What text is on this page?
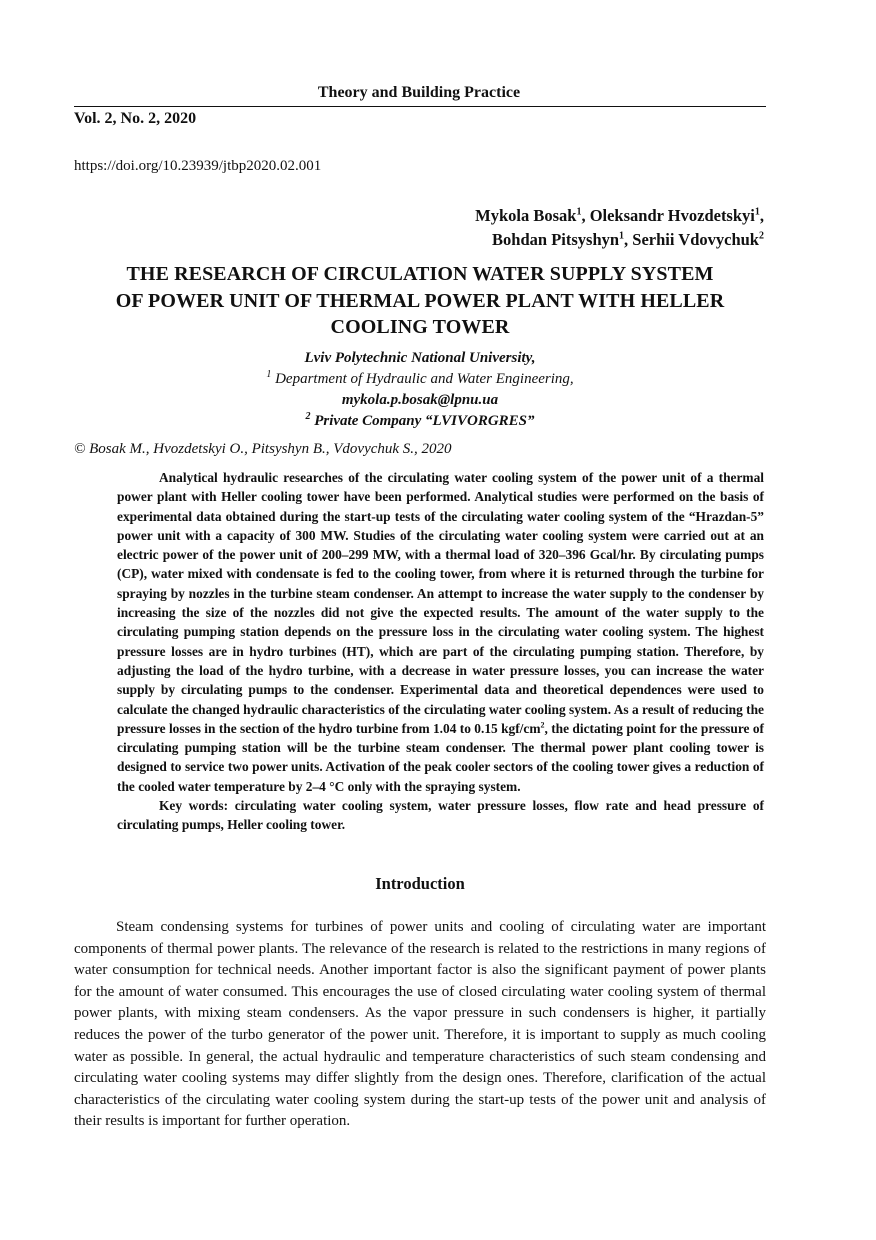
Theory and Building Practice
Vol. 2, No. 2, 2020
https://doi.org/10.23939/jtbp2020.02.001
Mykola Bosak$^1$, Oleksandr Hvozdetskyi$^1$,
Bohdan Pitsyshyn$^1$, Serhii Vdovychuk$^2$
THE RESEARCH OF CIRCULATION WATER SUPPLY SYSTEM
OF POWER UNIT OF THERMAL POWER PLANT WITH HELLER
COOLING TOWER
Lviv Polytechnic National University,
$^1$ Department of Hydraulic and Water Engineering,
mykola.p.bosak@lpnu.ua
$^2$ Private Company “LVIVORGRES”
© Bosak M., Hvozdetskyi O., Pitsyshyn B., Vdovychuk S., 2020

Analytical hydraulic researches of the circulating water cooling system of the power unit of a thermal power plant with Heller cooling tower have been performed. Analytical studies were performed on the basis of experimental data obtained during the start-up tests of the circulating water cooling system of the “Hrazdan-5” power unit with a capacity of 300 MW. Studies of the circulating water cooling system were carried out at an electric power of the power unit of 200–299 MW, with a thermal load of 320–396 Gcal/hr. By circulating pumps (CP), water mixed with condensate is fed to the cooling tower, from where it is returned through the turbine for spraying by nozzles in the turbine steam condenser. An attempt to increase the water supply to the condenser by increasing the size of the nozzles did not give the expected results. The amount of the water supply to the circulating pumping station depends on the pressure loss in the circulating water cooling system. The highest pressure losses are in hydro turbines (HT), which are part of the circulating pumping station. Therefore, by adjusting the load of the hydro turbine, with a decrease in water pressure losses, you can increase the water supply by circulating pumps to the condenser. Experimental data and theoretical dependences were used to calculate the changed hydraulic characteristics of the circulating water cooling system. As a result of reducing the pressure losses in the section of the hydro turbine from 1.04 to 0.15 kgf/$cm^2$, the dictating point for the pressure of circulating pumping station will be the turbine steam condenser. The thermal power plant cooling tower is designed to service two power units. Activation of the peak cooler sectors of the cooling tower gives a reduction of the cooled water temperature by 2–4 °C only with the spraying system.

Key words: circulating water cooling system, water pressure losses, flow rate and head pressure of circulating pumps, Heller cooling tower.

Introduction

Steam condensing systems for turbines of power units and cooling of circulating water are important components of thermal power plants. The relevance of the research is related to the restrictions in many regions of water consumption for technical needs. Another important factor is also the significant payment of power plants for the amount of water consumed. This encourages the use of closed circulating water cooling system of thermal power plants, with mixing steam condensers. As the vapor pressure in such condensers is higher, it partially reduces the power of the turbo generator of the power unit. Therefore, it is important to supply as much cooling water as possible. In general, the actual hydraulic and temperature characteristics of such steam condensing and circulating water cooling systems may differ slightly from the design ones. Therefore, clarification of the actual characteristics of the circulating water cooling system during the start-up tests of the power unit and analysis of their results is important for further operation.
